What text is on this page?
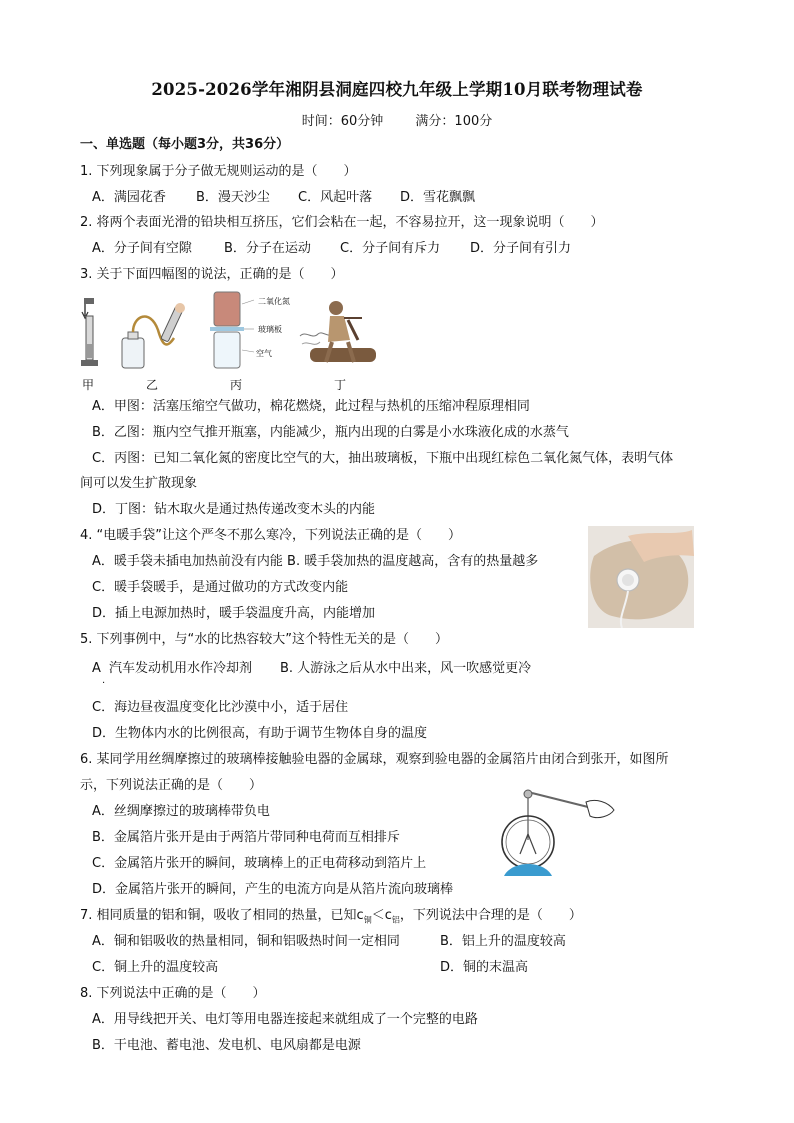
2025-2026学年湘阴县洞庭四校九年级上学期10月联考物理试卷
时间：60分钟 满分：100分
一、单选题（每小题3分，共36分）
1. 下列现象属于分子做无规则运动的是（　　）
A．满园花香 B．漫天沙尘 C．风起叶落 D．雪花飘飘
2. 将两个表面光滑的铅块相互挤压，它们会粘在一起，不容易拉开，这一现象说明（　　）
A．分子间有空隙 B．分子在运动 C．分子间有斥力 D．分子间有引力
3. 关于下面四幅图的说法，正确的是（　　）
甲	乙
二氧化氮
玻璃板
空气
丙	丁
A．甲图：活塞压缩空气做功，棉花燃烧，此过程与热机的压缩冲程原理相同
B．乙图：瓶内空气推开瓶塞，内能减少，瓶内出现的白雾是小水珠液化成的水蒸气
C．丙图：已知二氧化氮的密度比空气的大，抽出玻璃板，下瓶中出现红棕色二氧化氮气体，表明气体
间可以发生扩散现象
D．丁图：钻木取火是通过热传递改变木头的内能
4. “电暖手袋”让这个严冬不那么寒冷，下列说法正确的是（　　）
A．暖手袋未插电加热前没有内能 B. 暖手袋加热的温度越高，含有的热量越多
C．暖手袋暖手，是通过做功的方式改变内能
D．插上电源加热时，暖手袋温度升高，内能增加
5. 下列事例中，与“水的比热容较大”这个特性无关的是（　　）
A 汽车发动机用水作冷却剂 B. 人游泳之后从水中出来，风一吹感觉更冷
.
C．海边昼夜温度变化比沙漠中小，适于居住
D．生物体内水的比例很高，有助于调节生物体自身的温度
6. 某同学用丝绸摩擦过的玻璃棒接触验电器的金属球，观察到验电器的金属箔片由闭合到张开，如图所
示，下列说法正确的是（　　）
A．丝绸摩擦过的玻璃棒带负电
B．金属箔片张开是由于两箔片带同种电荷而互相排斥
C．金属箔片张开的瞬间，玻璃棒上的正电荷移动到箔片上
D．金属箔片张开的瞬间，产生的电流方向是从箔片流向玻璃棒
7. 相同质量的铝和铜，吸收了相同的热量，已知$c_铜<c_铝$，下列说法中合理的是（　　）
A．铜和铝吸收的热量相同，铜和铝吸热时间一定相同	B．铝上升的温度较高
C．铜上升的温度较高	D．铜的末温高
8. 下列说法中正确的是（　　）
A．用导线把开关、电灯等用电器连接起来就组成了一个完整的电路
B．干电池、蓄电池、发电机、电风扇都是电源
